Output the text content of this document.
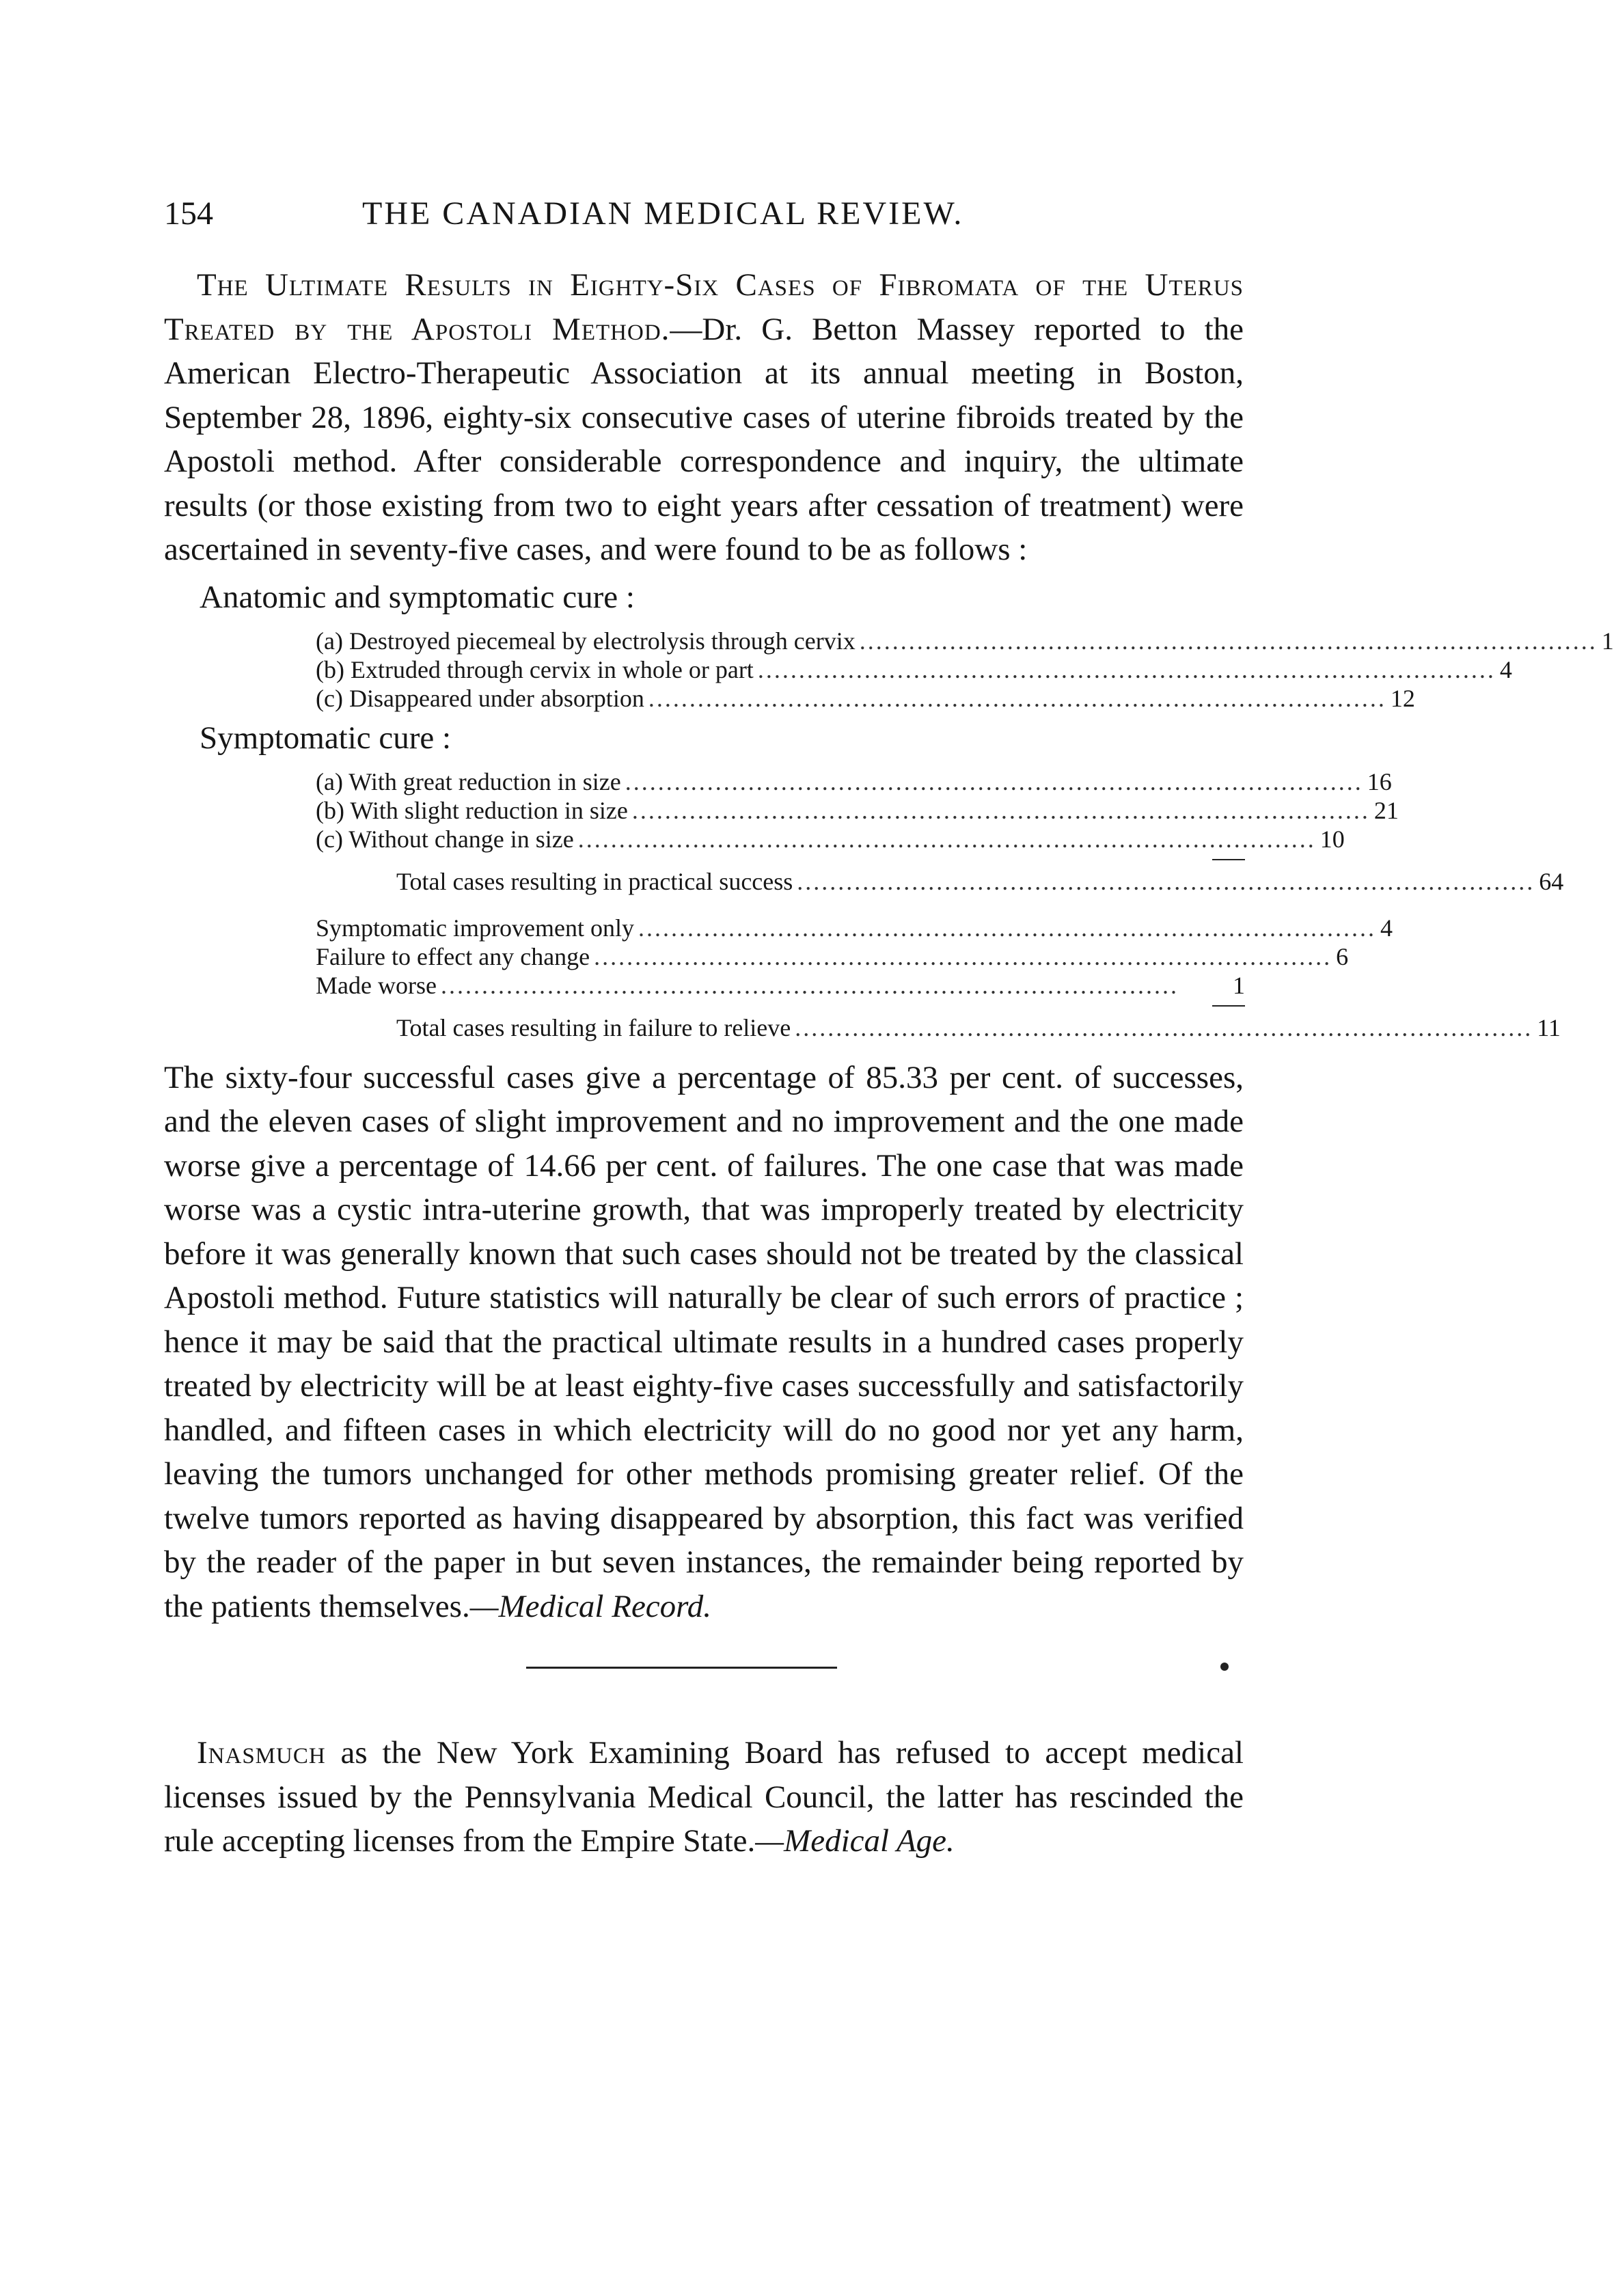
154	THE CANADIAN MEDICAL REVIEW.

The Ultimate Results in Eighty-Six Cases of Fibromata of the Uterus Treated by the Apostoli Method.—Dr. G. Betton Massey reported to the American Electro-Therapeutic Association at its annual meeting in Boston, September 28, 1896, eighty-six consecutive cases of uterine fibroids treated by the Apostoli method. After considerable correspondence and inquiry, the ultimate results (or those existing from two to eight years after cessation of treatment) were ascertained in seventy-five cases, and were found to be as follows :

Anatomic and symptomatic cure :
(a) Destroyed piecemeal by electrolysis through cervix .......................................................................................... 1
(b) Extruded through cervix in whole or part .......................................................................................... 4
(c) Disappeared under absorption .......................................................................................... 12
Symptomatic cure :
(a) With great reduction in size .......................................................................................... 16
(b) With slight reduction in size .......................................................................................... 21
(c) Without change in size .......................................................................................... 10
Total cases resulting in practical success .......................................................................................... 64
Symptomatic improvement only .......................................................................................... 4
Failure to effect any change .......................................................................................... 6
Made worse ..........................................................................................	1
Total cases resulting in failure to relieve .......................................................................................... 11

The sixty-four successful cases give a percentage of 85.33 per cent. of successes, and the eleven cases of slight improvement and no improvement and the one made worse give a percentage of 14.66 per cent. of failures. The one case that was made worse was a cystic intra-uterine growth, that was improperly treated by electricity before it was generally known that such cases should not be treated by the classical Apostoli method. Future statistics will naturally be clear of such errors of practice ; hence it may be said that the practical ultimate results in a hundred cases properly treated by electricity will be at least eighty-five cases successfully and satisfactorily handled, and fifteen cases in which electricity will do no good nor yet any harm, leaving the tumors unchanged for other methods promising greater relief. Of the twelve tumors reported as having disappeared by absorption, this fact was verified by the reader of the paper in but seven instances, the remainder being reported by the patients themselves.—Medical Record.

Inasmuch as the New York Examining Board has refused to accept medical licenses issued by the Pennsylvania Medical Council, the latter has rescinded the rule accepting licenses from the Empire State.—Medical Age.
